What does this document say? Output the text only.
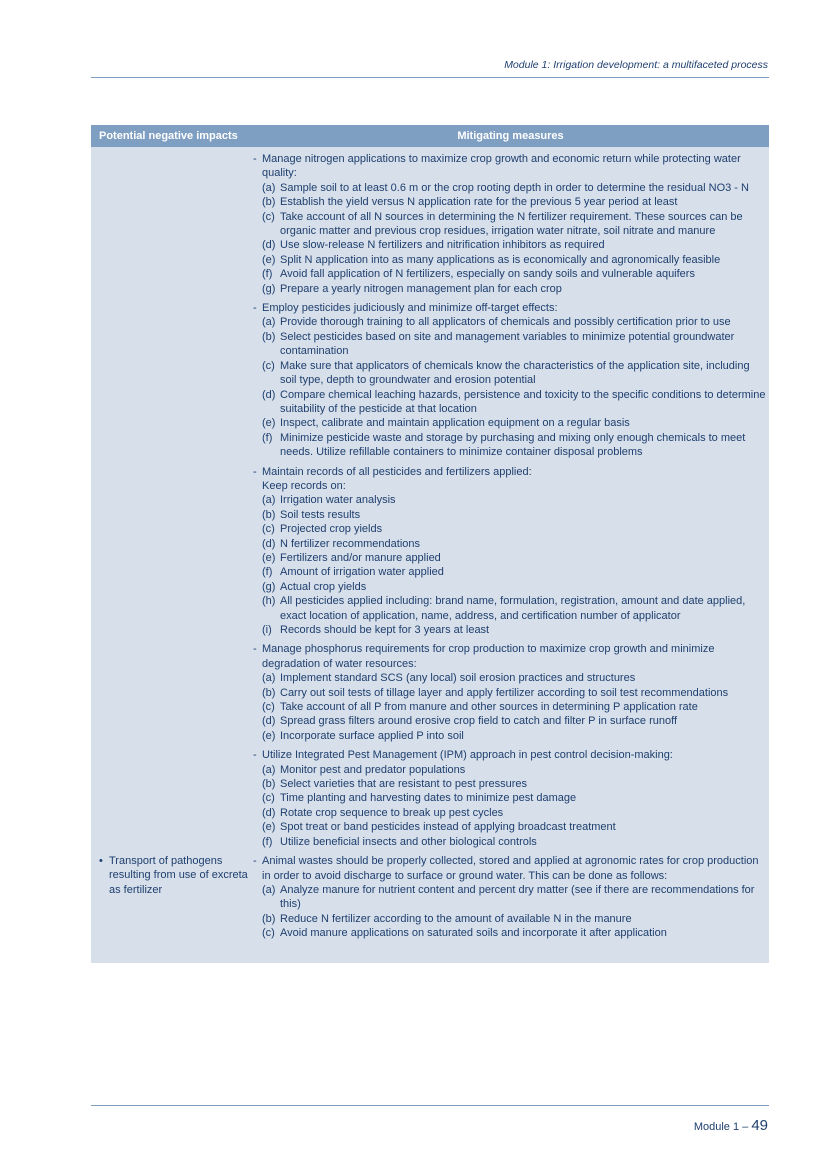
Module 1: Irrigation development: a multifaceted process
Potential negative impacts	Mitigating measures
• Transport of pathogens resulting from use of excreta as fertilizer
- Manage nitrogen applications to maximize crop growth and economic return while protecting water quality:
(a) Sample soil to at least 0.6 m or the crop rooting depth in order to determine the residual NO3 - N
(b) Establish the yield versus N application rate for the previous 5 year period at least
(c) Take account of all N sources in determining the N fertilizer requirement. These sources can be organic matter and previous crop residues, irrigation water nitrate, soil nitrate and manure
(d) Use slow-release N fertilizers and nitrification inhibitors as required
(e) Split N application into as many applications as is economically and agronomically feasible
(f) Avoid fall application of N fertilizers, especially on sandy soils and vulnerable aquifers
(g) Prepare a yearly nitrogen management plan for each crop
- Employ pesticides judiciously and minimize off-target effects:
(a) Provide thorough training to all applicators of chemicals and possibly certification prior to use
(b) Select pesticides based on site and management variables to minimize potential groundwater contamination
(c) Make sure that applicators of chemicals know the characteristics of the application site, including soil type, depth to groundwater and erosion potential
(d) Compare chemical leaching hazards, persistence and toxicity to the specific conditions to determine suitability of the pesticide at that location
(e) Inspect, calibrate and maintain application equipment on a regular basis
(f) Minimize pesticide waste and storage by purchasing and mixing only enough chemicals to meet needs. Utilize refillable containers to minimize container disposal problems
- Maintain records of all pesticides and fertilizers applied:
Keep records on:
(a) Irrigation water analysis
(b) Soil tests results
(c) Projected crop yields
(d) N fertilizer recommendations
(e) Fertilizers and/or manure applied
(f) Amount of irrigation water applied
(g) Actual crop yields
(h) All pesticides applied including: brand name, formulation, registration, amount and date applied, exact location of application, name, address, and certification number of applicator
(i) Records should be kept for 3 years at least
- Manage phosphorus requirements for crop production to maximize crop growth and minimize degradation of water resources:
(a) Implement standard SCS (any local) soil erosion practices and structures
(b) Carry out soil tests of tillage layer and apply fertilizer according to soil test recommendations
(c) Take account of all P from manure and other sources in determining P application rate
(d) Spread grass filters around erosive crop field to catch and filter P in surface runoff
(e) Incorporate surface applied P into soil
- Utilize Integrated Pest Management (IPM) approach in pest control decision-making:
(a) Monitor pest and predator populations
(b) Select varieties that are resistant to pest pressures
(c) Time planting and harvesting dates to minimize pest damage
(d) Rotate crop sequence to break up pest cycles
(e) Spot treat or band pesticides instead of applying broadcast treatment
(f) Utilize beneficial insects and other biological controls
- Animal wastes should be properly collected, stored and applied at agronomic rates for crop production in order to avoid discharge to surface or ground water. This can be done as follows:
(a) Analyze manure for nutrient content and percent dry matter (see if there are recommendations for this)
(b) Reduce N fertilizer according to the amount of available N in the manure
(c) Avoid manure applications on saturated soils and incorporate it after application
Module 1 – 49
